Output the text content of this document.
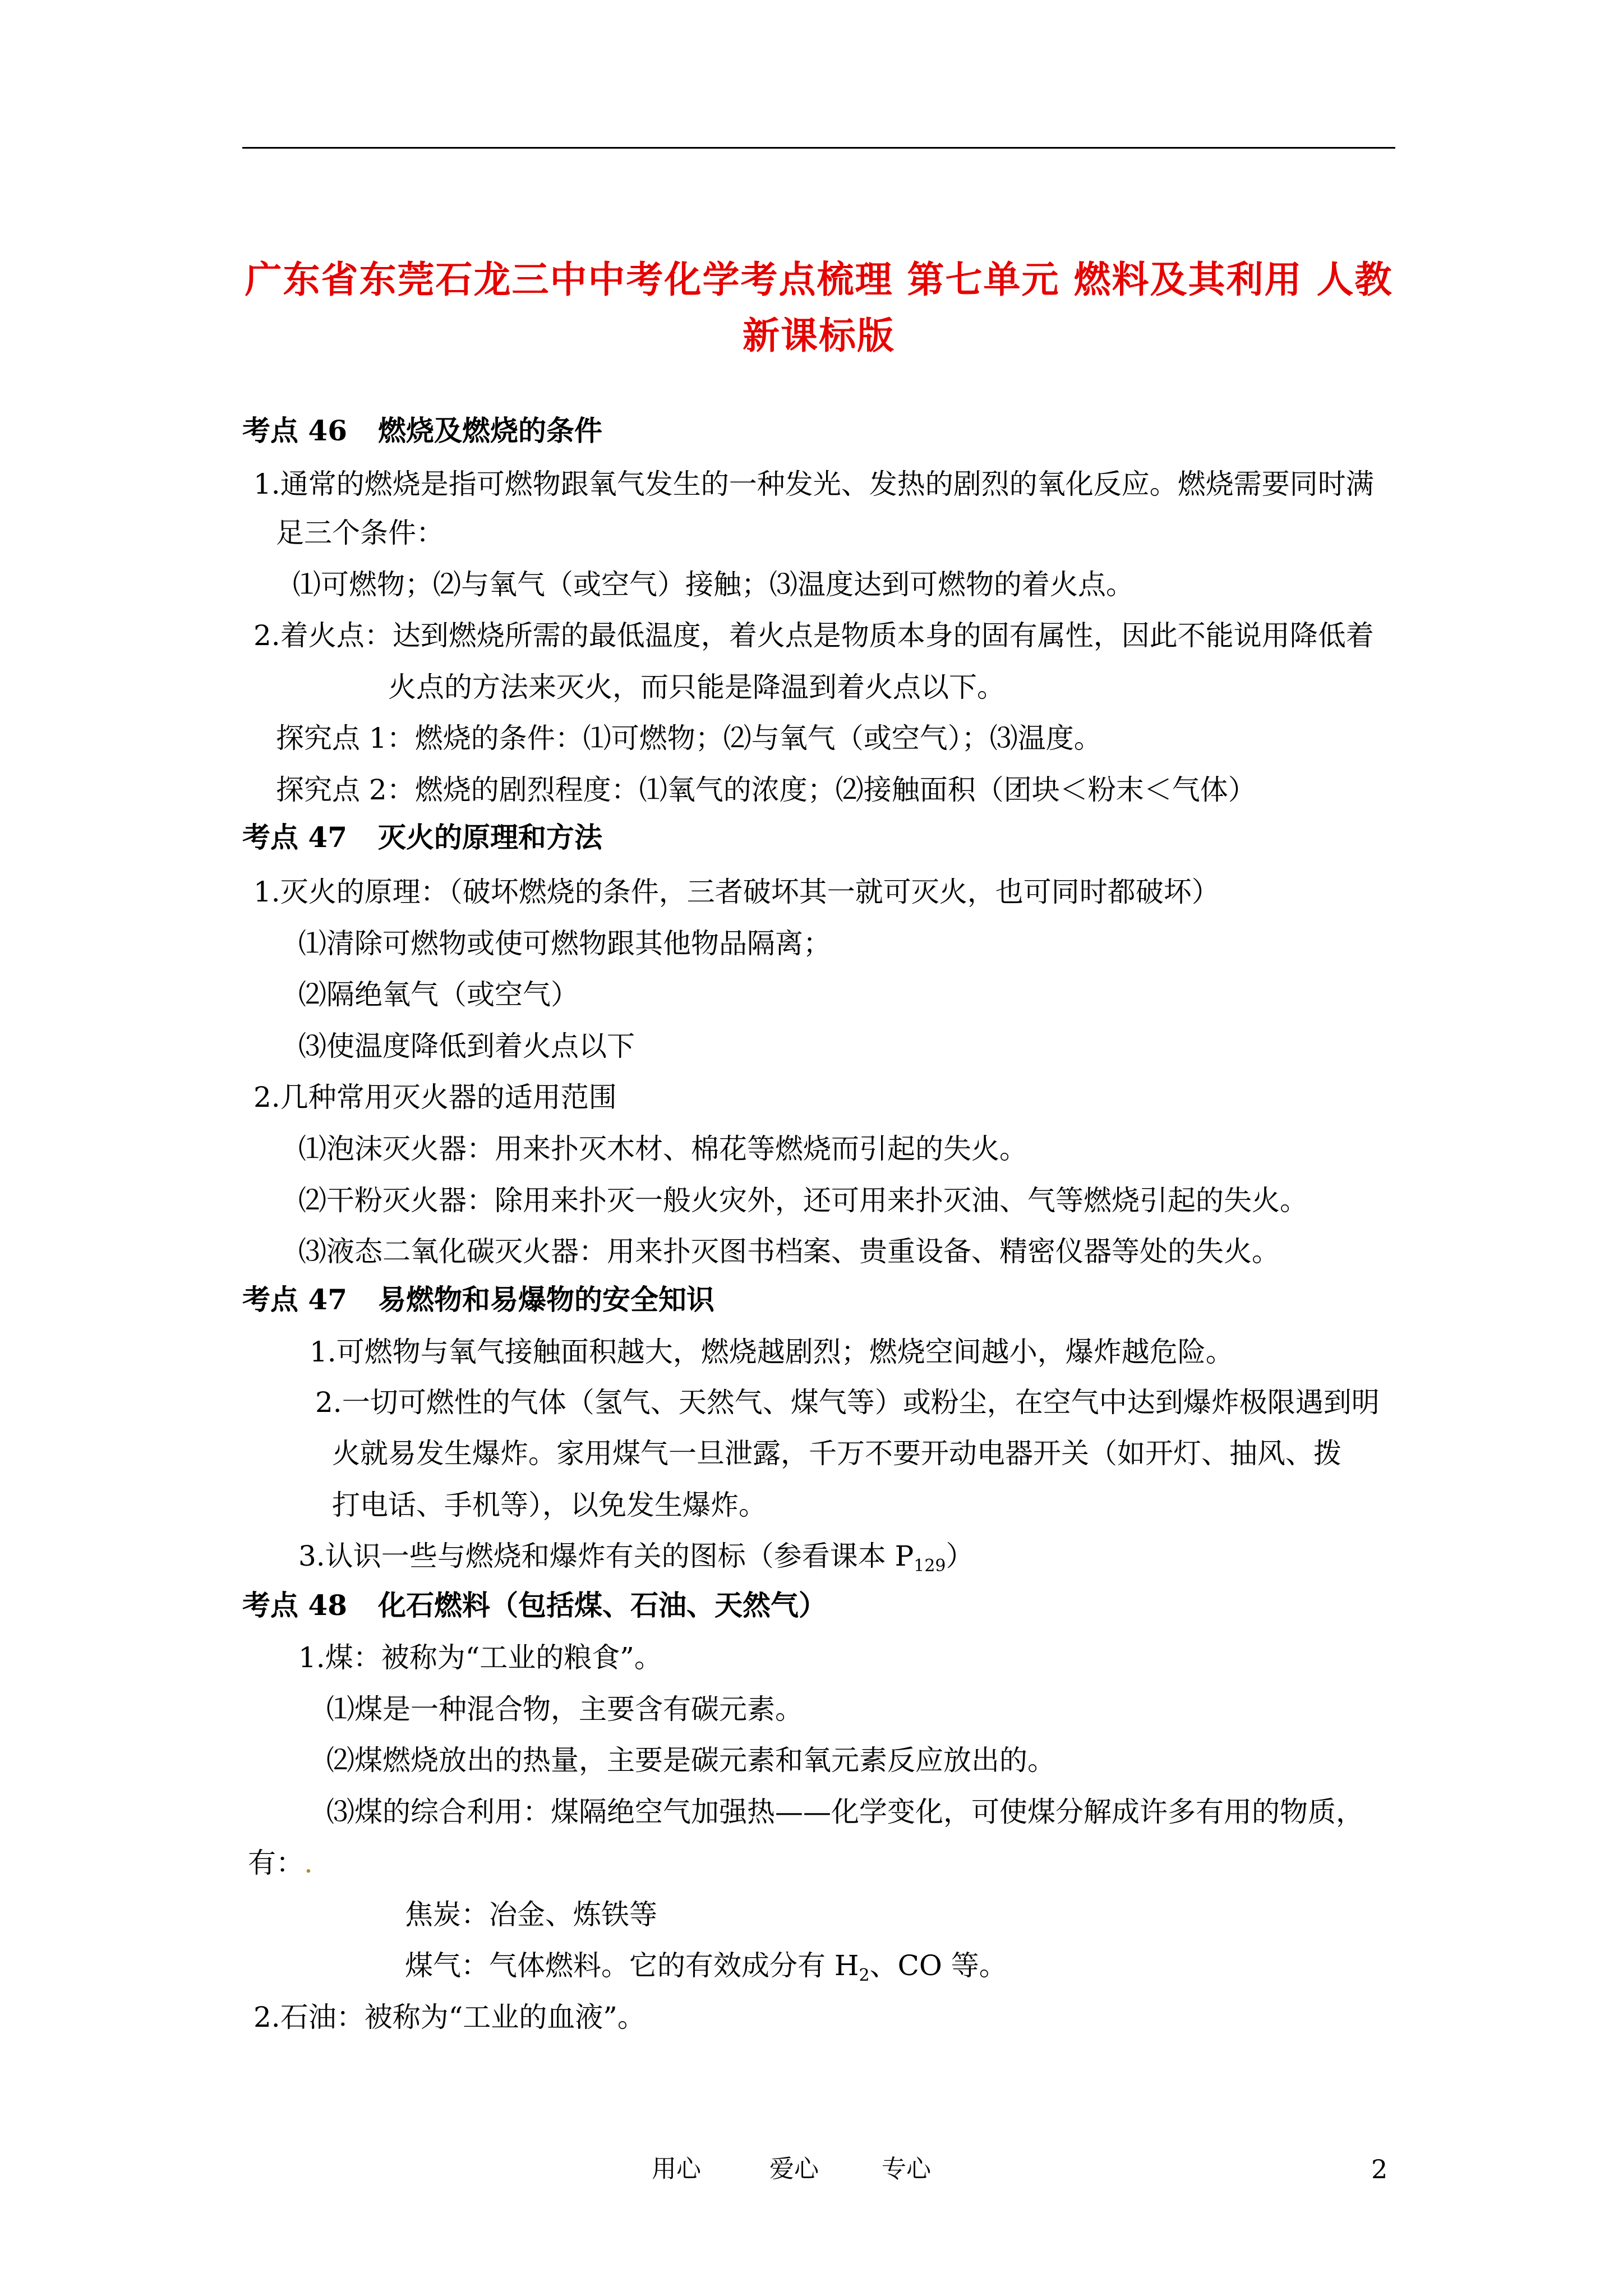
广东省东莞石龙三中中考化学考点梳理 第七单元 燃料及其利用 人教
新课标版
考点 46 燃烧及燃烧的条件
1.通常的燃烧是指可燃物跟氧气发生的一种发光、发热的剧烈的氧化反应。燃烧需要同时满
足三个条件：
⑴可燃物；⑵与氧气（或空气）接触；⑶温度达到可燃物的着火点。
2.着火点：达到燃烧所需的最低温度，着火点是物质本身的固有属性，因此不能说用降低着
火点的方法来灭火，而只能是降温到着火点以下。
探究点 1：燃烧的条件：⑴可燃物；⑵与氧气（或空气）；⑶温度。
探究点 2：燃烧的剧烈程度：⑴氧气的浓度；⑵接触面积（团块＜粉末＜气体）
考点 47 灭火的原理和方法
1.灭火的原理：（破坏燃烧的条件，三者破坏其一就可灭火，也可同时都破坏）
⑴清除可燃物或使可燃物跟其他物品隔离；
⑵隔绝氧气（或空气）
⑶使温度降低到着火点以下
2.几种常用灭火器的适用范围
⑴泡沫灭火器：用来扑灭木材、棉花等燃烧而引起的失火。
⑵干粉灭火器：除用来扑灭一般火灾外，还可用来扑灭油、气等燃烧引起的失火。
⑶液态二氧化碳灭火器：用来扑灭图书档案、贵重设备、精密仪器等处的失火。
考点 47 易燃物和易爆物的安全知识
1.可燃物与氧气接触面积越大，燃烧越剧烈；燃烧空间越小，爆炸越危险。
2.一切可燃性的气体（氢气、天然气、煤气等）或粉尘，在空气中达到爆炸极限遇到明
火就易发生爆炸。家用煤气一旦泄露，千万不要开动电器开关（如开灯、抽风、拨
打电话、手机等），以免发生爆炸。
3.认识一些与燃烧和爆炸有关的图标（参看课本 $P_{129}$）
考点 48 化石燃料（包括煤、石油、天然气）
1.煤：被称为“工业的粮食”。
⑴煤是一种混合物，主要含有碳元素。
⑵煤燃烧放出的热量，主要是碳元素和氧元素反应放出的。
⑶煤的综合利用：煤隔绝空气加强热——化学变化，可使煤分解成许多有用的物质，
有：.
焦炭：冶金、炼铁等
煤气：气体燃料。它的有效成分有 $H_2$、CO 等。
2.石油：被称为“工业的血液”。
用心	爱心	专心	2
